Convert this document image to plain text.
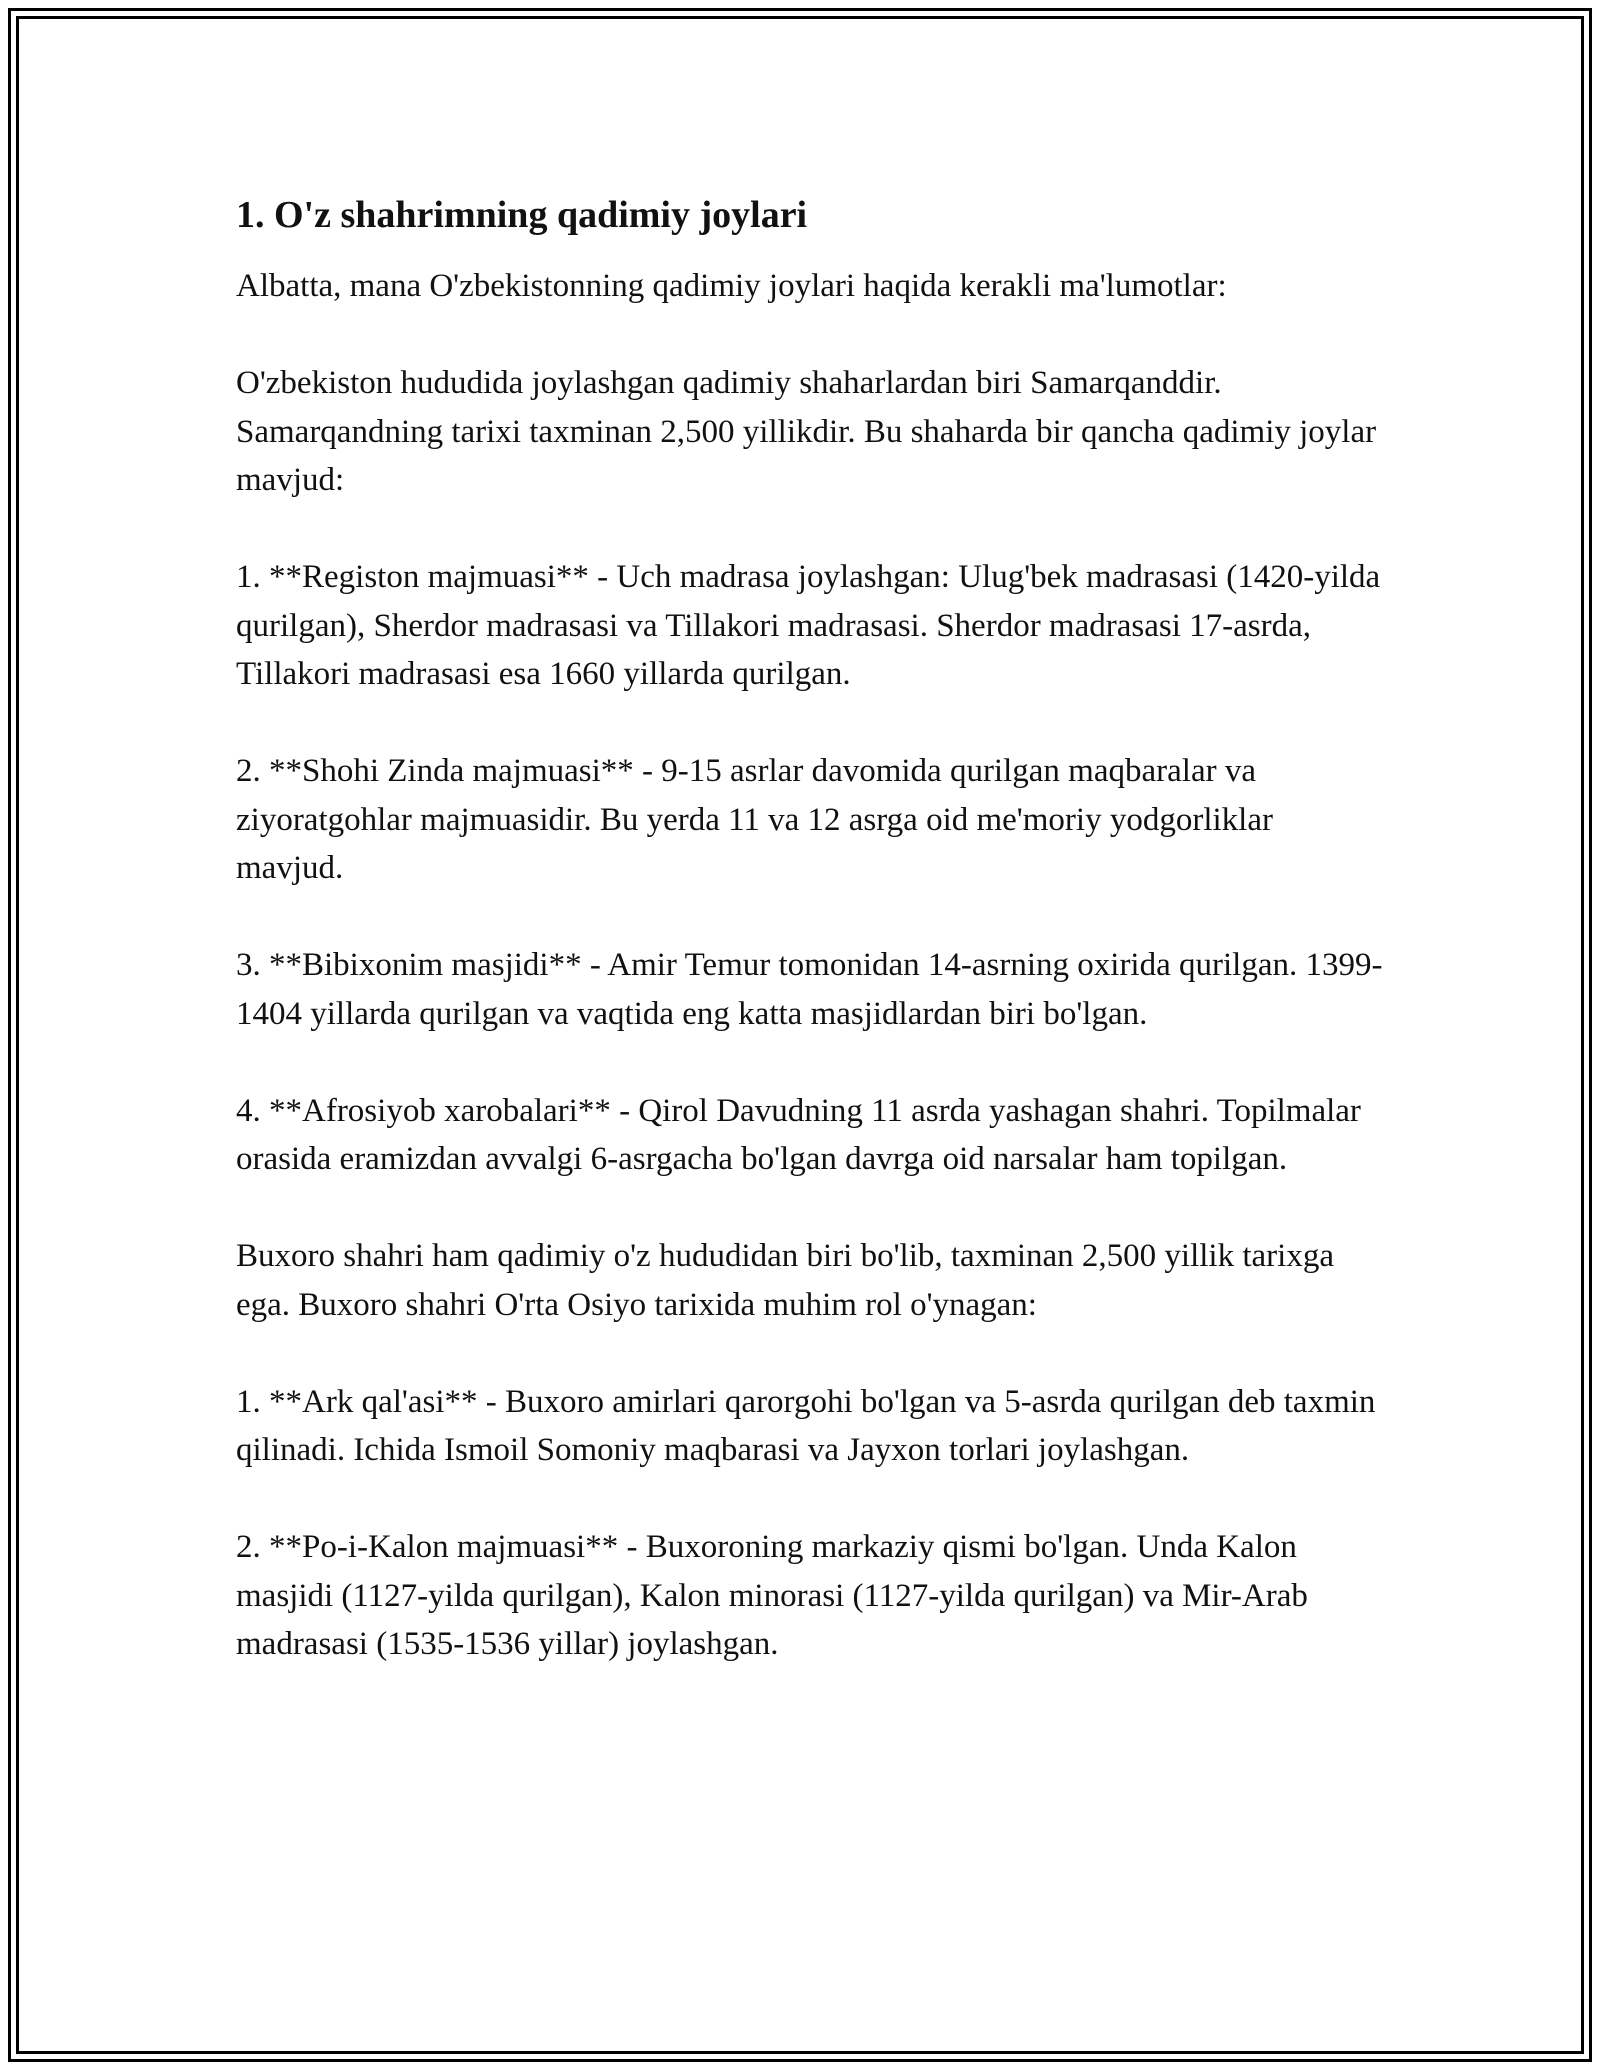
1. O'z shahrimning qadimiy joylari

Albatta, mana O'zbekistonning qadimiy joylari haqida kerakli ma'lumotlar:

O'zbekiston hududida joylashgan qadimiy shaharlardan biri Samarqanddir. Samarqandning tarixi taxminan 2,500 yillikdir. Bu shaharda bir qancha qadimiy joylar mavjud:

1. **Registon majmuasi** - Uch madrasa joylashgan: Ulug'bek madrasasi (1420-yilda qurilgan), Sherdor madrasasi va Tillakori madrasasi. Sherdor madrasasi 17-asrda, Tillakori madrasasi esa 1660 yillarda qurilgan.

2. **Shohi Zinda majmuasi** - 9-15 asrlar davomida qurilgan maqbaralar va ziyoratgohlar majmuasidir. Bu yerda 11 va 12 asrga oid me'moriy yodgorliklar mavjud.

3. **Bibixonim masjidi** - Amir Temur tomonidan 14-asrning oxirida qurilgan. 1399-1404 yillarda qurilgan va vaqtida eng katta masjidlardan biri bo'lgan.

4. **Afrosiyob xarobalari** - Qirol Davudning 11 asrda yashagan shahri. Topilmalar orasida eramizdan avvalgi 6-asrgacha bo'lgan davrga oid narsalar ham topilgan.

Buxoro shahri ham qadimiy o'z hududidan biri bo'lib, taxminan 2,500 yillik tarixga ega. Buxoro shahri O'rta Osiyo tarixida muhim rol o'ynagan:

1. **Ark qal'asi** - Buxoro amirlari qarorgohi bo'lgan va 5-asrda qurilgan deb taxmin qilinadi. Ichida Ismoil Somoniy maqbarasi va Jayxon torlari joylashgan.

2. **Po-i-Kalon majmuasi** - Buxoroning markaziy qismi bo'lgan. Unda Kalon masjidi (1127-yilda qurilgan), Kalon minorasi (1127-yilda qurilgan) va Mir-Arab madrasasi (1535-1536 yillar) joylashgan.
